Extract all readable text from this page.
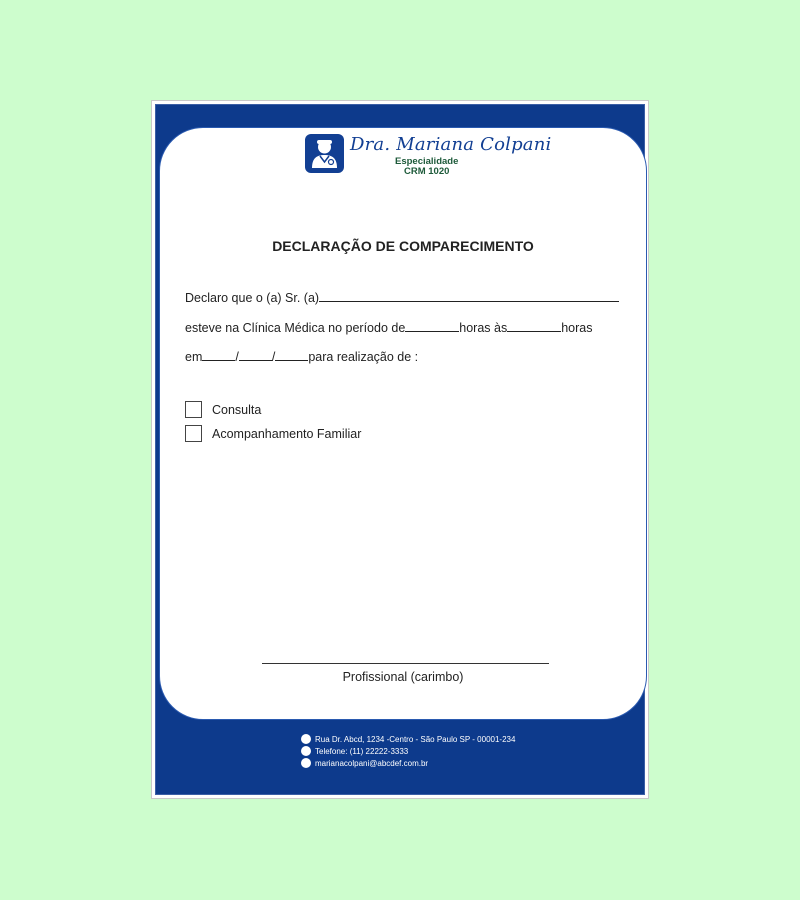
Dra. Mariana Colpani
Especialidade
CRM 1020
DECLARAÇÃO DE COMPARECIMENTO
Declaro que o (a) Sr. (a)
esteve na Clínica Médica no período de	horas às	horas
em	/	/	para realização de :
Consulta
Acompanhamento Familiar
Profissional (carimbo)
Rua Dr. Abcd, 1234 -Centro - São Paulo SP - 00001-234
Telefone: (11) 22222-3333
marianacolpani@abcdef.com.br
